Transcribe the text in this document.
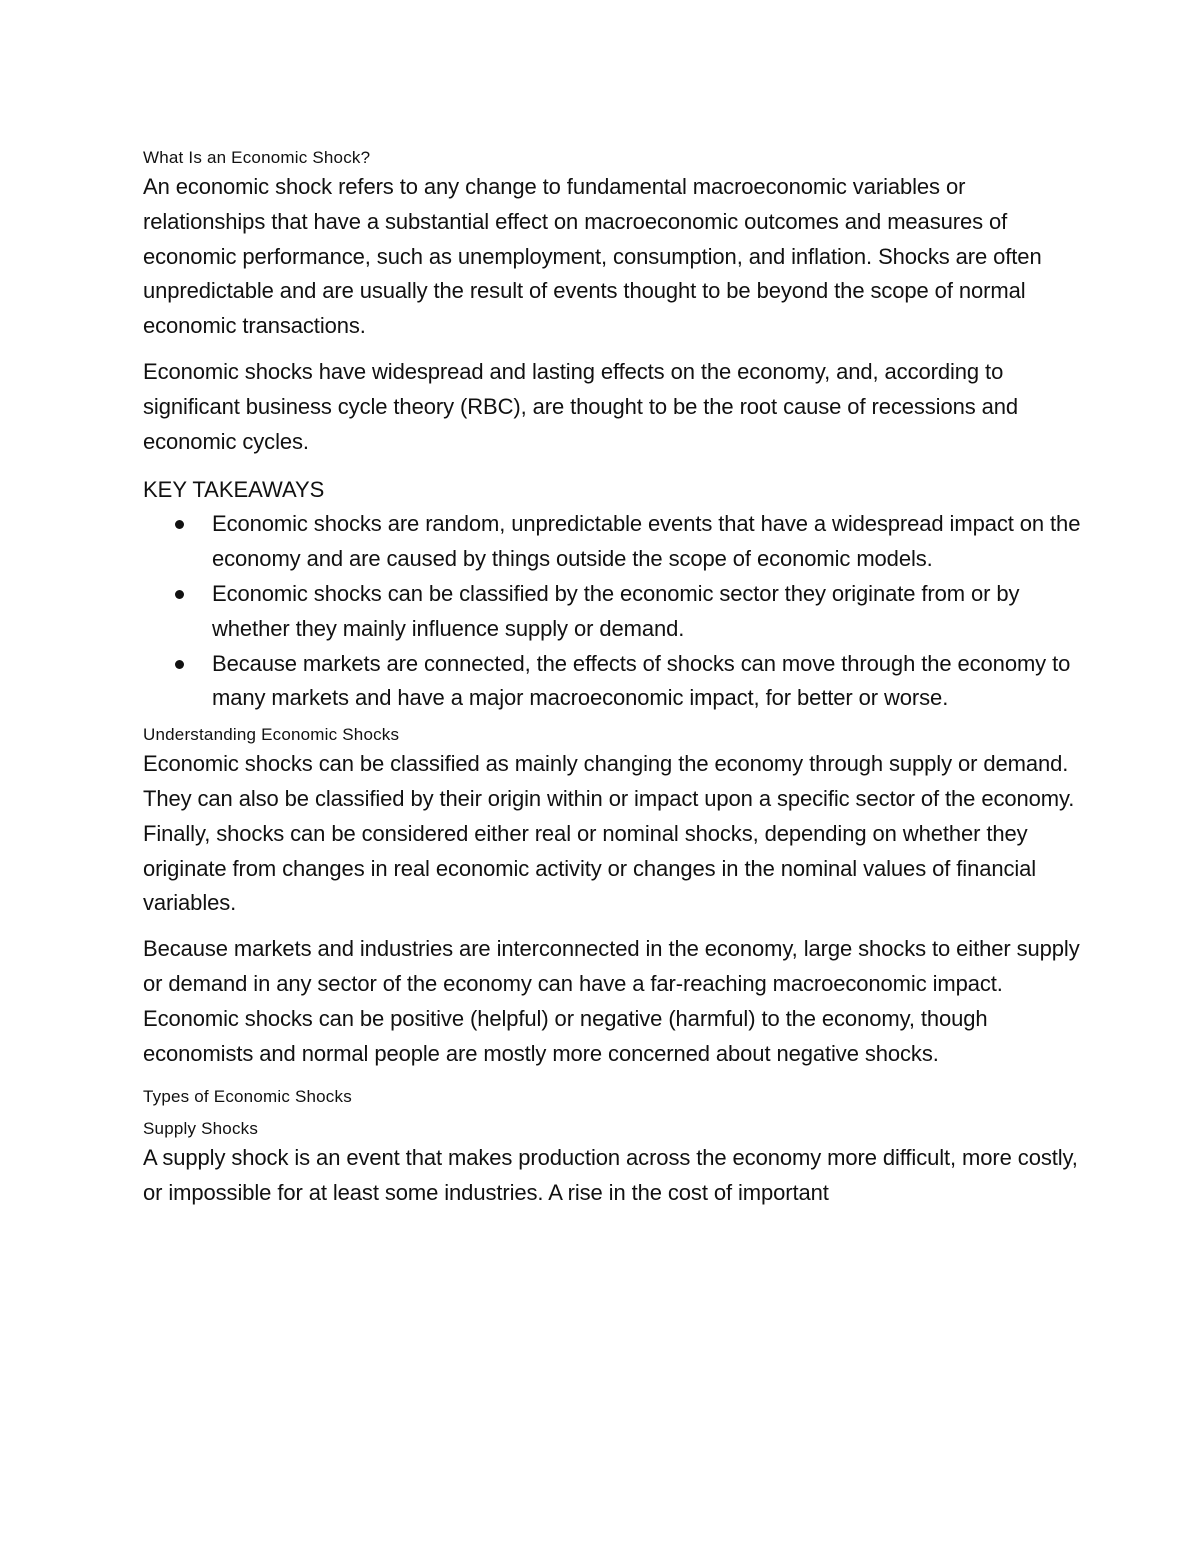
What Is an Economic Shock?

An economic shock refers to any change to fundamental macroeconomic variables or relationships that have a substantial effect on macroeconomic outcomes and measures of economic performance, such as unemployment, consumption, and inflation. Shocks are often unpredictable and are usually the result of events thought to be beyond the scope of normal economic transactions.

Economic shocks have widespread and lasting effects on the economy, and, according to significant business cycle theory (RBC), are thought to be the root cause of recessions and economic cycles.

KEY TAKEAWAYS

Economic shocks are random, unpredictable events that have a widespread impact on the economy and are caused by things outside the scope of economic models.
Economic shocks can be classified by the economic sector they originate from or by whether they mainly influence supply or demand.
Because markets are connected, the effects of shocks can move through the economy to many markets and have a major macroeconomic impact, for better or worse.

Understanding Economic Shocks

Economic shocks can be classified as mainly changing the economy through supply or demand. They can also be classified by their origin within or impact upon a specific sector of the economy. Finally, shocks can be considered either real or nominal shocks, depending on whether they originate from changes in real economic activity or changes in the nominal values of financial variables.

Because markets and industries are interconnected in the economy, large shocks to either supply or demand in any sector of the economy can have a far-reaching macroeconomic impact. Economic shocks can be positive (helpful) or negative (harmful) to the economy, though economists and normal people are mostly more concerned about negative shocks.

Types of Economic Shocks

Supply Shocks

A supply shock is an event that makes production across the economy more difficult, more costly, or impossible for at least some industries. A rise in the cost of important
